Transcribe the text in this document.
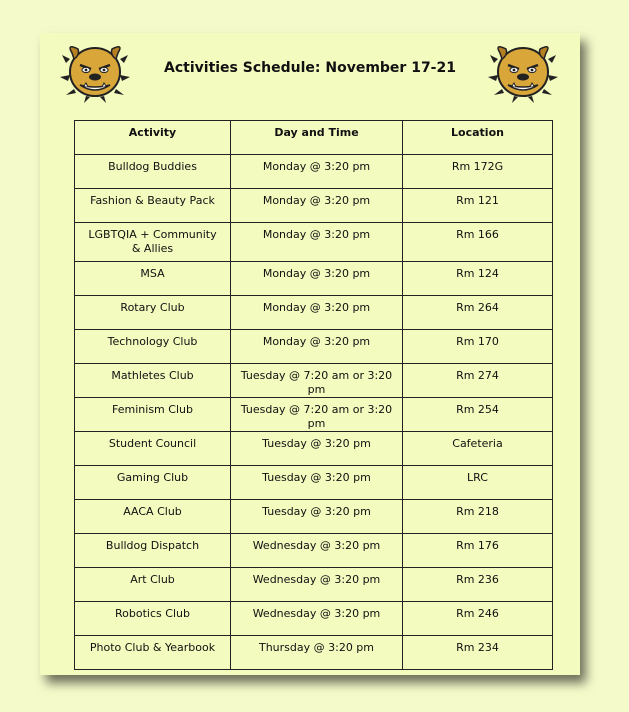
Activities Schedule: November 17-21
Activity	Day and Time	Location
Bulldog Buddies	Monday @ 3:20 pm	Rm 172G
Fashion & Beauty Pack	Monday @ 3:20 pm	Rm 121
LGBTQIA + Community & Allies	Monday @ 3:20 pm	Rm 166
MSA	Monday @ 3:20 pm	Rm 124
Rotary Club	Monday @ 3:20 pm	Rm 264
Technology Club	Monday @ 3:20 pm	Rm 170
Mathletes Club	Tuesday @ 7:20 am or 3:20 pm	Rm 274
Feminism Club	Tuesday @ 7:20 am or 3:20 pm	Rm 254
Student Council	Tuesday @ 3:20 pm	Cafeteria
Gaming Club	Tuesday @ 3:20 pm	LRC
AACA Club	Tuesday @ 3:20 pm	Rm 218
Bulldog Dispatch	Wednesday @ 3:20 pm	Rm 176
Art Club	Wednesday @ 3:20 pm	Rm 236
Robotics Club	Wednesday @ 3:20 pm	Rm 246
Photo Club & Yearbook	Thursday @ 3:20 pm	Rm 234
